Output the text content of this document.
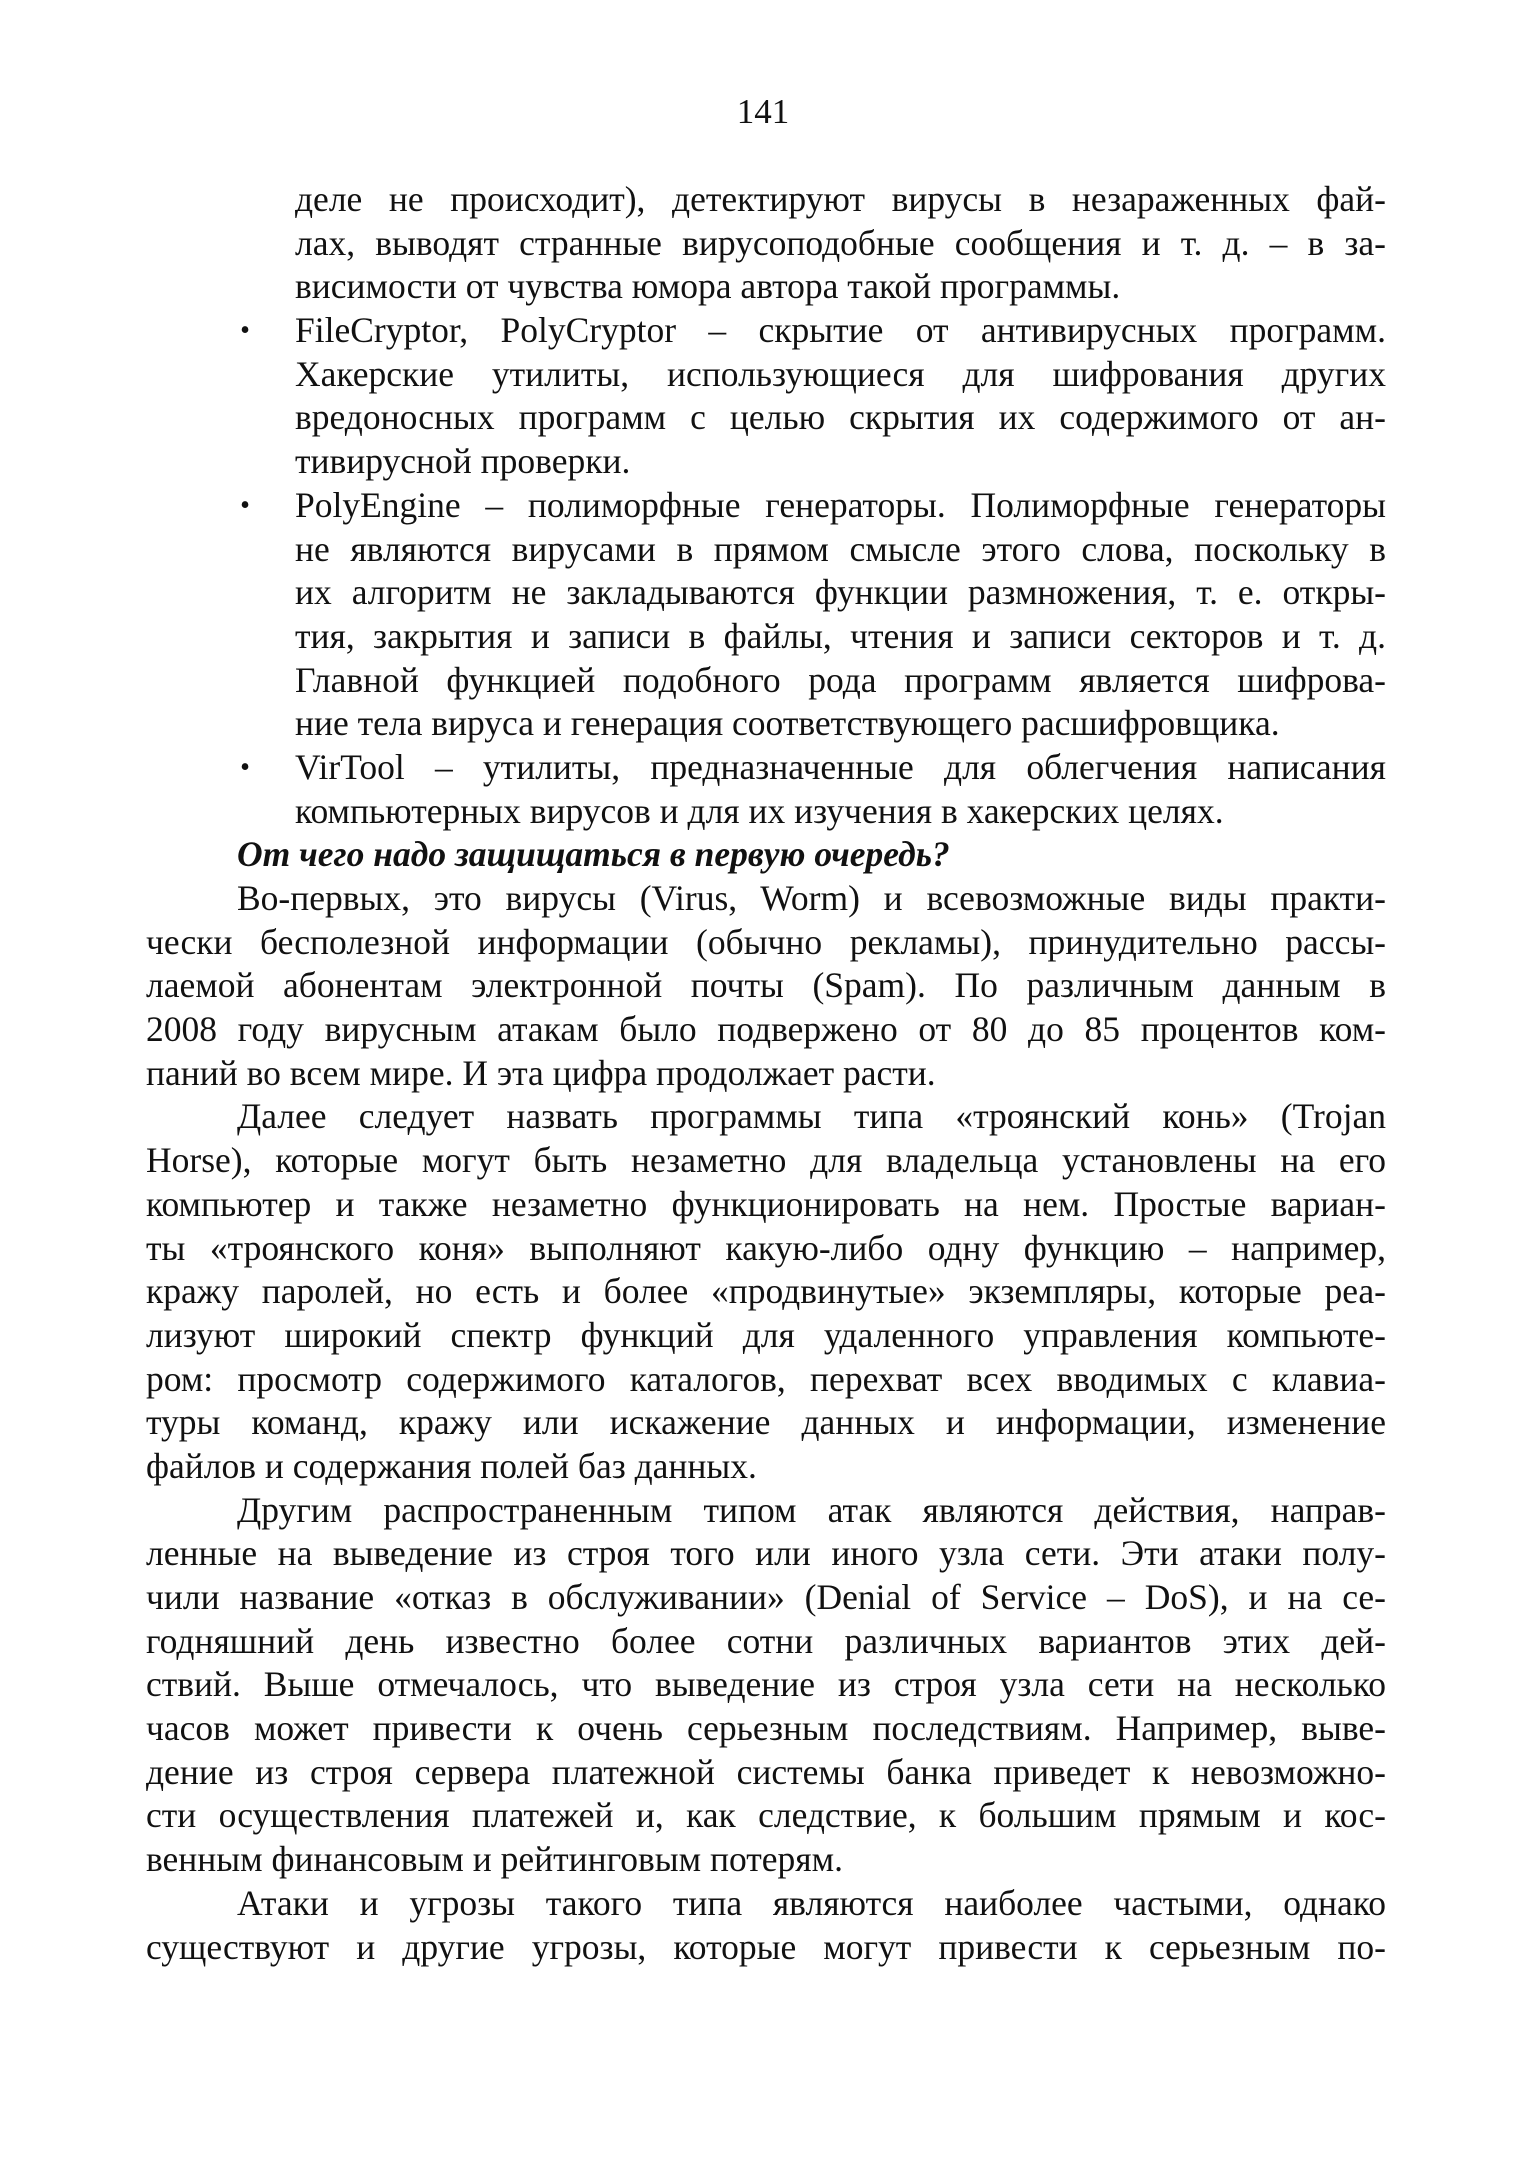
141
деле не происходит), детектируют вирусы в незараженных фай-
лах, выводят странные вирусоподобные сообщения и т. д. – в за-
висимости от чувства юмора автора такой программы.
• FileCryptor, PolyCryptor – скрытие от антивирусных программ.
Хакерские утилиты, использующиеся для шифрования других
вредоносных программ с целью скрытия их содержимого от ан-
тивирусной проверки.
• PolyEngine – полиморфные генераторы. Полиморфные генераторы
не являются вирусами в прямом смысле этого слова, поскольку в
их алгоритм не закладываются функции размножения, т. е. откры-
тия, закрытия и записи в файлы, чтения и записи секторов и т. д.
Главной функцией подобного рода программ является шифрова-
ние тела вируса и генерация соответствующего расшифровщика.
• VirTool – утилиты, предназначенные для облегчения написания
компьютерных вирусов и для их изучения в хакерских целях.
От чего надо защищаться в первую очередь?
Во-первых, это вирусы (Virus, Worm) и всевозможные виды практи-
чески бесполезной информации (обычно рекламы), принудительно рассы-
лаемой абонентам электронной почты (Spam). По различным данным в
2008 году вирусным атакам было подвержено от 80 до 85 процентов ком-
паний во всем мире. И эта цифра продолжает расти.
Далее следует назвать программы типа «троянский конь» (Trojan
Horse), которые могут быть незаметно для владельца установлены на его
компьютер и также незаметно функционировать на нем. Простые вариан-
ты «троянского коня» выполняют какую-либо одну функцию – например,
кражу паролей, но есть и более «продвинутые» экземпляры, которые реа-
лизуют широкий спектр функций для удаленного управления компьюте-
ром: просмотр содержимого каталогов, перехват всех вводимых с клавиа-
туры команд, кражу или искажение данных и информации, изменение
файлов и содержания полей баз данных.
Другим распространенным типом атак являются действия, направ-
ленные на выведение из строя того или иного узла сети. Эти атаки полу-
чили название «отказ в обслуживании» (Denial of Service – DoS), и на се-
годняшний день известно более сотни различных вариантов этих дей-
ствий. Выше отмечалось, что выведение из строя узла сети на несколько
часов может привести к очень серьезным последствиям. Например, выве-
дение из строя сервера платежной системы банка приведет к невозможно-
сти осуществления платежей и, как следствие, к большим прямым и кос-
венным финансовым и рейтинговым потерям.
Атаки и угрозы такого типа являются наиболее частыми, однако
существуют и другие угрозы, которые могут привести к серьезным по-
